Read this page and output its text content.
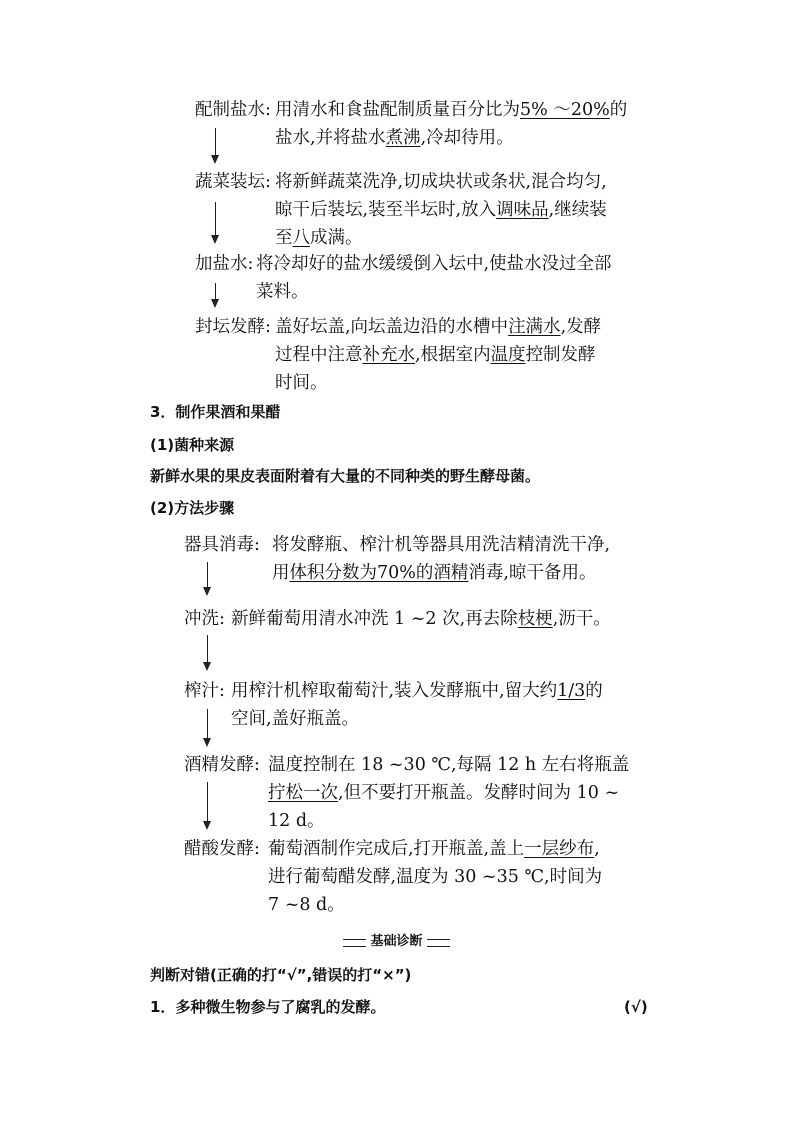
配制盐水: 用清水和食盐配制质量百分比为5% ～20%的
盐水,并将盐水煮沸,冷却待用。
蔬菜装坛: 将新鲜蔬菜洗净,切成块状或条状,混合均匀,
晾干后装坛,装至半坛时,放入调味品,继续装
至八成满。
加盐水: 将冷却好的盐水缓缓倒入坛中,使盐水没过全部
菜料。
封坛发酵: 盖好坛盖,向坛盖边沿的水槽中注满水,发酵
过程中注意补充水,根据室内温度控制发酵
时间。
3．制作果酒和果醋
(1)菌种来源
新鲜水果的果皮表面附着有大量的不同种类的野生酵母菌。
(2)方法步骤
器具消毒: 将发酵瓶、榨汁机等器具用洗洁精清洗干净,
用体积分数为70%的酒精消毒,晾干备用。
冲洗: 新鲜葡萄用清水冲洗 1 ~2 次,再去除枝梗,沥干。
榨汁: 用榨汁机榨取葡萄汁,装入发酵瓶中,留大约1/3的
空间,盖好瓶盖。
酒精发酵: 温度控制在 18 ~30 ℃,每隔 12 h 左右将瓶盖
拧松一次,但不要打开瓶盖。发酵时间为 10 ~
12 d。
醋酸发酵: 葡萄酒制作完成后,打开瓶盖,盖上一层纱布,
进行葡萄醋发酵,温度为 30 ~35 ℃,时间为
7 ~8 d。
基础诊断
判断对错(正确的打“√”,错误的打“×”)
1．多种微生物参与了腐乳的发酵。	(√)
